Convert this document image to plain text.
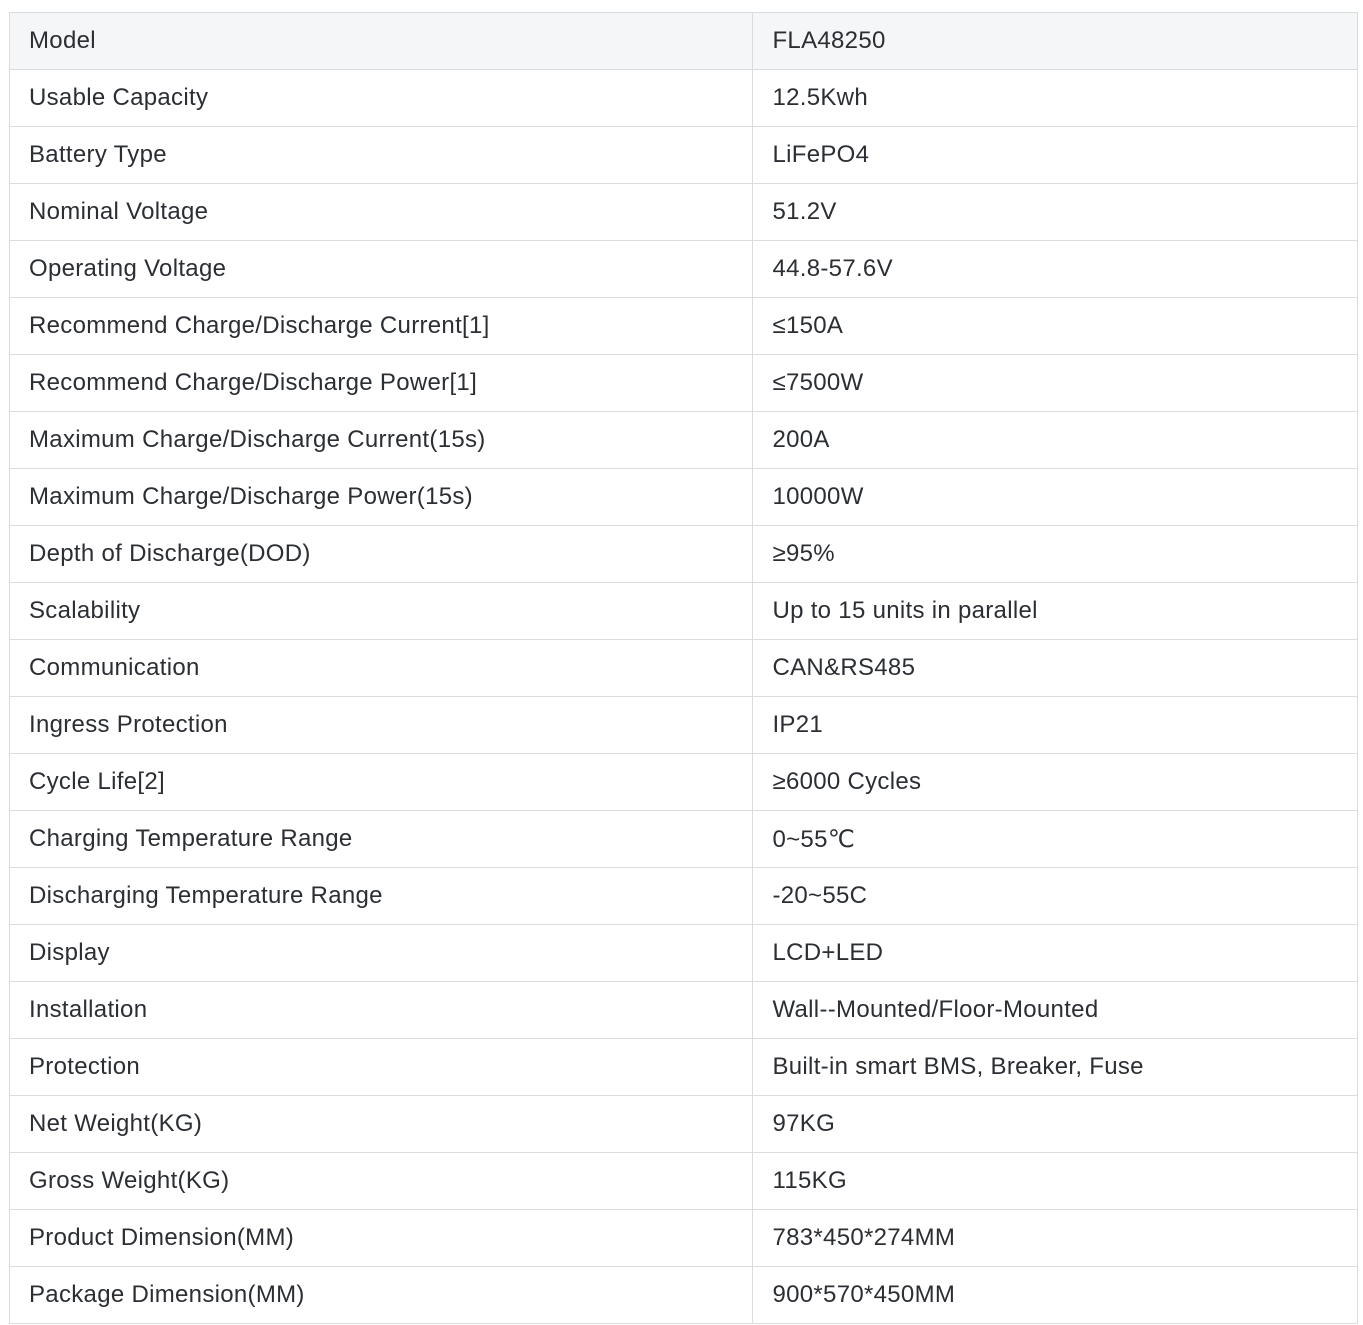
Model	FLA48250
Usable Capacity	12.5Kwh
Battery Type	LiFePO4
Nominal Voltage	51.2V
Operating Voltage	44.8-57.6V
Recommend Charge/Discharge Current[1]	≤150A
Recommend Charge/Discharge Power[1]	≤7500W
Maximum Charge/Discharge Current(15s)	200A
Maximum Charge/Discharge Power(15s)	10000W
Depth of Discharge(DOD)	≥95%
Scalability	Up to 15 units in parallel
Communication	CAN&RS485
Ingress Protection	IP21
Cycle Life[2]	≥6000 Cycles
Charging Temperature Range	0~55℃
Discharging Temperature Range	-20~55C
Display	LCD+LED
Installation	Wall--Mounted/Floor-Mounted
Protection	Built-in smart BMS, Breaker, Fuse
Net Weight(KG)	97KG
Gross Weight(KG)	115KG
Product Dimension(MM)	783*450*274MM
Package Dimension(MM)	900*570*450MM
